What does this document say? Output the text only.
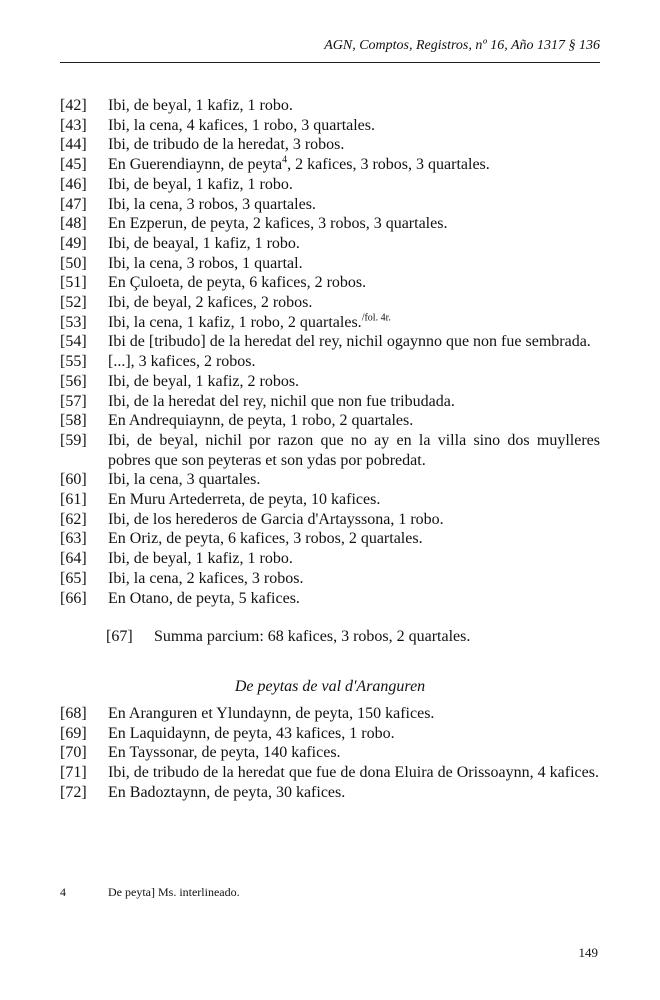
AGN, Comptos, Registros, nº 16, Año 1317 § 136
[42]	Ibi, de beyal, 1 kafiz, 1 robo.
[43]	Ibi, la cena, 4 kafices, 1 robo, 3 quartales.
[44]	Ibi, de tribudo de la heredat, 3 robos.
[45]	En Guerendiaynn, de peyta$^4$, 2 kafices, 3 robos, 3 quartales.
[46]	Ibi, de beyal, 1 kafiz, 1 robo.
[47]	Ibi, la cena, 3 robos, 3 quartales.
[48]	En Ezperun, de peyta, 2 kafices, 3 robos, 3 quartales.
[49]	Ibi, de beayal, 1 kafiz, 1 robo.
[50]	Ibi, la cena, 3 robos, 1 quartal.
[51]	En Çuloeta, de peyta, 6 kafices, 2 robos.
[52]	Ibi, de beyal, 2 kafices, 2 robos.
[53]	Ibi, la cena, 1 kafiz, 1 robo, 2 quartales.$^{/fol. 4r.}$
[54]	Ibi de [tribudo] de la heredat del rey, nichil ogaynno que non fue sembrada.
[55]	[...], 3 kafices, 2 robos.
[56]	Ibi, de beyal, 1 kafiz, 2 robos.
[57]	Ibi, de la heredat del rey, nichil que non fue tribudada.
[58]	En Andrequiaynn, de peyta, 1 robo, 2 quartales.
[59]	Ibi, de beyal, nichil por razon que no ay en la villa sino dos muylleres pobres que son peyteras et son ydas por pobredat.
[60]	Ibi, la cena, 3 quartales.
[61]	En Muru Artederreta, de peyta, 10 kafices.
[62]	Ibi, de los herederos de Garcia d'Artayssona, 1 robo.
[63]	En Oriz, de peyta, 6 kafices, 3 robos, 2 quartales.
[64]	Ibi, de beyal, 1 kafiz, 1 robo.
[65]	Ibi, la cena, 2 kafices, 3 robos.
[66]	En Otano, de peyta, 5 kafices.
[67]	Summa parcium: 68 kafices, 3 robos, 2 quartales.
De peytas de val d'Aranguren
[68]	En Aranguren et Ylundaynn, de peyta, 150 kafices.
[69]	En Laquidaynn, de peyta, 43 kafices, 1 robo.
[70]	En Tayssonar, de peyta, 140 kafices.
[71]	Ibi, de tribudo de la heredat que fue de dona Eluira de Orissoaynn, 4 kafices.
[72]	En Badoztaynn, de peyta, 30 kafices.
4	De peyta] Ms. interlineado.
149
